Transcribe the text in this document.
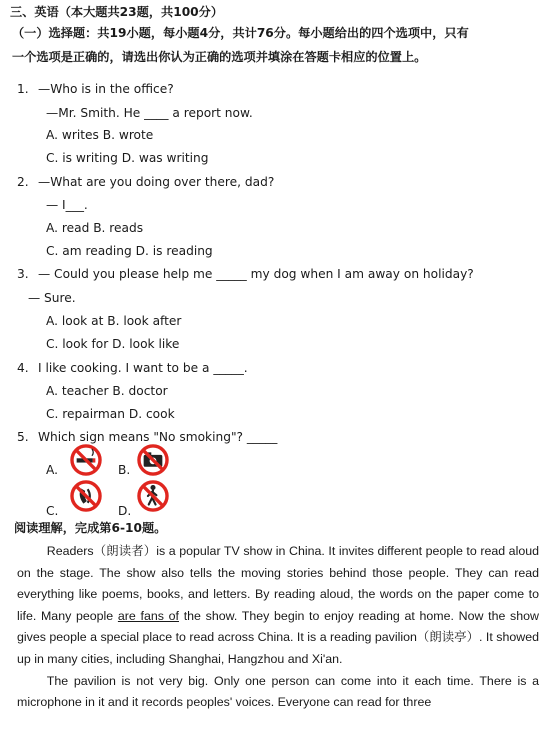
三、英语（本大题共23题，共100分）
（一）选择题：共19小题，每小题4分，共计76分。每小题给出的四个选项中，只有
一个选项是正确的，请选出你认为正确的选项并填涂在答题卡相应的位置上。
1. —Who is in the office?
—Mr. Smith. He ____ a report now.
A. writes B. wrote
C. is writing D. was writing
2. —What are you doing over there, dad?
— I___.
A. read B. reads
C. am reading D. is reading
3. — Could you please help me _____ my dog when I am away on holiday?
— Sure.
A. look at B. look after
C. look for D. look like
4. I like cooking. I want to be a _____.
A. teacher B. doctor
C. repairman D. cook
5. Which sign means "No smoking"? _____
A.	B.
C.	D.
阅读理解，完成第6-10题。

Readers（朗读者）is a popular TV show in China. It invites different people to read aloud on the stage. The show also tells the moving stories behind those people. They can read everything like poems, books, and letters. By reading aloud, the words on the paper come to life. Many people are fans of the show. They begin to enjoy reading at home. Now the show gives people a special place to read across China. It is a reading pavilion（朗读亭）. It showed up in many cities, including Shanghai, Hangzhou and Xi'an.

The pavilion is not very big. Only one person can come into it each time. There is a microphone in it and it records peoples' voices. Everyone can read for three
